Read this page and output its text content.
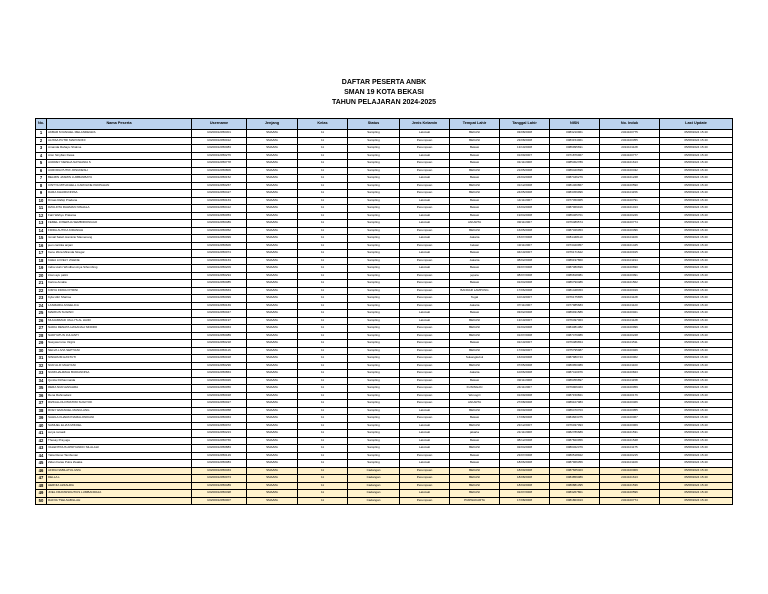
DAFTAR PESERTA ANBK
SMAN 19 KOTA BEKASI
TAHUN PELAJARAN 2024-2025
No.	Nama Peserta	Username	Jenjang	Kelas	Status	Jenis Kelamin	Tempat Lahir	Tanggal Lahir	NISN	No. Induk	Last Update
1	AKBAR M RAFAEL MELANDEGRA	U0200012050301	SMA/MA	11	Sampling	Laki-laki	BEKASI	03/08/2008	0083210961	2324100775	05/08/2024 15:40
2	ALISSA PUTRI MARYADINI	U0200012050012	SMA/MA	11	Sampling	Perempuan	BEKASI	23/08/2008	0083154961	2324100355	05/08/2024 15:40
3	Amanda Rahayu Shalma	U0200012050083	SMA/MA	11	Sampling	Perempuan	Bekasi	13/10/2008	0086995691	2324101128	05/08/2024 15:40
4	Arsn Sinyftan Dewa	U0200012050276	SMA/MA	11	Sampling	Laki-laki	Bekasi	01/09/2007	0071876967	2324100777	05/08/2024 15:40
5	AUDREY NEISHA NATHANIA S	U0200012050778	SMA/MA	11	Sampling	Perempuan	Bekasi	01/11/2008	0085302789	2324101613	05/08/2024 15:40
6	AURORA PUTRI JOSUDESH	U0200012050806	SMA/MA	11	Sampling	Perempuan	BEKASI	21/05/2008	0089420696	2324100432	05/08/2024 15:40
7	BELMIN JASMIN LUMBANBATU	U0200012050152	SMA/MA	11	Sampling	Laki-laki	Bekasi	24/04/2008	0087446279	2324101248	05/08/2024 15:40
8	CINTYA MITHCHELL CAROLINE PAKPAHAN	U0200012050267	SMA/MA	11	Sampling	Perempuan	BEKASI	31/12/2008	0081460867	2324100590	05/08/2024 15:40
9	DARA KHAIRUNNISA	U0200012050427	SMA/MA	11	Sampling	Perempuan	BEKASI	24/05/2008	0083459996	2324101156	05/08/2024 15:40
10	Dimas Rafiqi Pradana	U0200012050163	SMA/MA	11	Sampling	Laki-laki	Bekasi	14/11/2007	0077450965	2324100791	05/08/2024 15:40
11	DZULFITA RAHMAN NISHALA	U0200012050412	SMA/MA	11	Sampling	Perempuan	Bekasi	16/04/2008	0087069916	2324101013	05/08/2024 15:40
12	Fairi Wahyu Pratama	U0200012050053	SMA/MA	11	Sampling	Laki-laki	Bekasi	19/04/2008	0086465701	2324100246	05/08/2024 15:40
13	FEMEL JOSEPHA SEMBIRIONGGO	U0200012050489	SMA/MA	11	Sampling	Laki-laki	JAKARTA	09/11/2007	0076489574	2324100774	05/08/2024 15:40
14	FIRDA AUTIKA KIRANIAH	U0200012050052	SMA/MA	11	Sampling	Perempuan	BEKASI	16/05/2008	0087326053	2324100396	05/08/2024 15:40
15	Ismail Saleh Hamizar Mamenang	U0200012050099	SMA/MA	11	Sampling	Laki-laki	Jakarta	15/07/2008	0081448110	2324101109	05/08/2024 15:40
16	jeen cantika anjani	U0200012050606	SMA/MA	11	Sampling	Perempuan	bekasi	19/11/2007	0073420957	2324101445	05/08/2024 15:40
17	Kene Zikra Miranda Siregar	U0200012050074	SMA/MA	11	Sampling	Laki-laki	Bekasi	04/10/2007	0076171622	2324100915	05/08/2024 15:40
18	KHEA LOVELY ZILENE	U0200012050163	SMA/MA	11	Sampling	Perempuan	Jakarta	08/02/2008	0089197860	2324101194	05/08/2024 15:40
19	Indra Hurin Windhan Arya Sihombing	U0200012050209	SMA/MA	11	Sampling	Laki-laki	Bekasi	03/07/2008	0087380699	2324100690	05/08/2024 15:40
20	intan ayu palini	U0200012050294	SMA/MA	11	Sampling	Perempuan	jepara	08/07/2008	0086818081	2324100091	05/08/2024 15:40
21	Karina Amalia	U0200012050085	SMA/MA	11	Sampling	Perempuan	Bekasi	01/04/2008	0086790486	2324101562	05/08/2024 15:40
22	KIMYA FIRDA FITRINI	U0200012050663	SMA/MA	11	Sampling	Perempuan	BANDAR LAMPUNG	17/06/2008	0081448453	2324100019	05/08/2024 15:40
23	Kyla Hitri Shalma	U0200012050099	SMA/MA	11	Sampling	Perempuan	Tegal	10/10/2007	0076175655	2324101128	05/08/2024 15:40
24	LASMARIA ANGELICA	U0200012050169	SMA/MA	11	Sampling	Perempuan	Jakarta	07/11/2007	0077985683	2324101120	05/08/2024 15:40
25	MARKUS SUGINO	U0200012050047	SMA/MA	11	Sampling	Laki-laki	Bekasi	03/02/2008	0089931586	2324100021	05/08/2024 15:40
26	MUHAMMAD VALLYS AL HAIDI	U0200012050197	SMA/MA	11	Sampling	Laki-laki	BEKASI	13/10/2007	0076497063	2324101128	05/08/2024 15:40
27	NADIA RENATA HASANAH SINDRO	U0200012050063	SMA/MA	11	Sampling	Perempuan	BEKASI	01/04/2008	0084381382	2324100996	05/08/2024 15:40
28	NADIYATUN JULIANTI	U0200012050089	SMA/MA	11	Sampling	Perempuan	BEKASI	01/07/2008	0087479986	2324100248	05/08/2024 15:40
29	Nasywa Ismu Virgini	U0200012050218	SMA/MA	11	Sampling	Perempuan	Bekasi	01/10/2007	0076489654	2324101511	05/08/2024 15:40
30	NELVA LIVIA SEPTIANI	U0200012050116	SMA/MA	11	Sampling	Perempuan	BEKASI	17/09/2007	0075795987	2324100026	05/08/2024 15:40
31	NINGRUM HASTUTI	U0200012050018	SMA/MA	11	Sampling	Perempuan	Sukangkubul	16/03/2008	0087980743	2324100062	05/08/2024 15:40
32	NUR ALIF MAHYANI	U0200012050296	SMA/MA	11	Sampling	Perempuan	BEKASI	07/05/2008	0080950089	2324101100	05/08/2024 15:40
33	NURFHAHIMAH BUDIANNISA	U0200012050863	SMA/MA	11	Sampling	Perempuan	Jakarta	10/06/2008	0087410976	2324100843	05/08/2024 15:40
34	Qonita Dzihanmaida	U0200012050026	SMA/MA	11	Sampling	Perempuan	Bekasi	09/11/2008	0089356897	2324101158	05/08/2024 15:40
35	RERA NUR AZZAHRA	U0200012050056	SMA/MA	11	Sampling	Perempuan	KUNINGAN	24/11/2007	0079906463	2324100059	05/08/2024 15:40
36	Rena Rahmadani	U0200012050018	SMA/MA	11	Sampling	Perempuan	Wonogiri	01/09/2008	0087150821	2324100176	05/08/2024 15:40
37	RIZKALLOH PRATIWI SUGIYOK	U0200012050027	SMA/MA	11	Sampling	Perempuan	JAKARTA	27/08/2008	0089107083	2324100466	05/08/2024 15:40
38	ROEY EMANUEL MANULANG	U0200012050058	SMA/MA	11	Sampling	Laki-laki	BEKASI	03/09/2008	0086470703	2324100055	05/08/2024 15:40
39	SAHILA KHARAYNAMALONIKANI	U0200012050063	SMA/MA	11	Sampling	Perempuan	Bekasi	17/08/2008	0084663375	2324100067	05/08/2024 15:40
40	SAMUEL ELIAS MIKOEL	U0200012050072	SMA/MA	11	Sampling	Laki-laki	BEKASI	23/12/2007	0076037093	2324100069	05/08/2024 15:40
41	surya ramadi	U0200012050223	SMA/MA	11	Sampling	Laki-laki	jakarta	21/11/2008	0082786689	2324101531	05/08/2024 15:40
42	Thesay Prayuga	U0200012050766	SMA/MA	11	Sampling	Laki-laki	Bekasi	08/12/2008	0087820956	2324101548	05/08/2024 15:40
43	VALENTINUS APRIYANDO SILALAHI	U0200012050883	SMA/MA	11	Sampling	Laki-laki	BEKASI	02/04/2008	0080322379	2324101175	05/08/2024 15:40
44	Yatia Renei Tambunan	U0200012050129	SMA/MA	11	Sampling	Perempuan	Bekasi	23/07/2008	0080518922	2324100215	05/08/2024 15:40
45	Zidan Faras Putra Zwaika	U0200012050083	SMA/MA	11	Sampling	Laki-laki	Bekasi	18/06/2008	0087966356	2324101109	05/08/2024 15:40
46	AFRIA NABILATUL IZZA	U0200012050463	SMA/MA	11	Cadangan	Perempuan	BEKASI	18/09/2008	0087665403	2324100009	05/08/2024 15:40
47	DELLA L	U0200012050073	SMA/MA	11	Cadangan	Perempuan	BEKASI	18/08/2008	0084859089	2324101613	05/08/2024 15:40
48	HERNIA AZZAHRA	U0200012050489	SMA/MA	11	Cadangan	Perempuan	BEKASI	18/03/2008	0080881395	2324101536	05/08/2024 15:40
49	JOEL FRANSISKHTIUS LUMBANRAJA	U0200012050498	SMA/MA	11	Cadangan	Laki-laki	BEKASI	01/07/2008	0083267801	2324100596	05/08/2024 15:40
50	RAFVA TSELSABILLAH	U0200012050007	SMA/MA	11	Cadangan	Perempuan	PURWAKARTA	17/08/2008	0081803913	2324100774	05/08/2024 15:40
